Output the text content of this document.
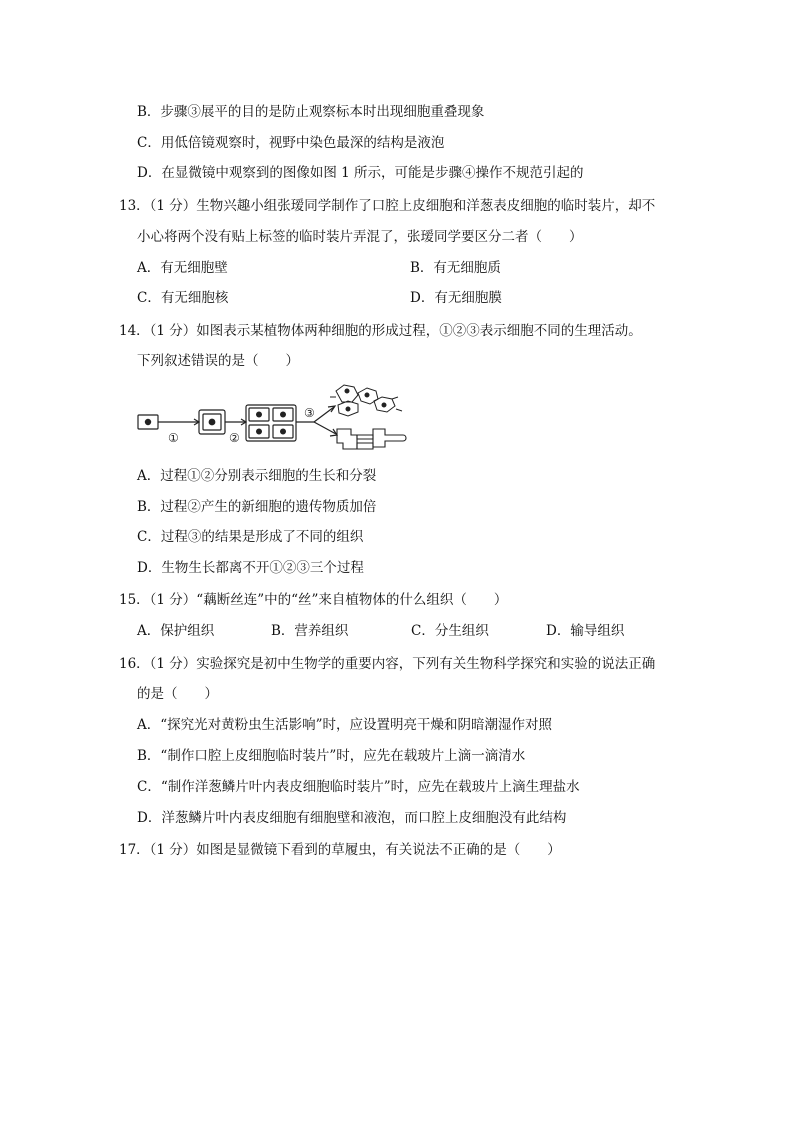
B．步骤③展平的目的是防止观察标本时出现细胞重叠现象
C．用低倍镜观察时，视野中染色最深的结构是液泡
D．在显微镜中观察到的图像如图 1 所示，可能是步骤④操作不规范引起的
13．（1 分）生物兴趣小组张瑷同学制作了口腔上皮细胞和洋葱表皮细胞的临时装片，却不
小心将两个没有贴上标签的临时装片弄混了，张瑷同学要区分二者（　　）
A．有无细胞壁	B．有无细胞质
C．有无细胞核	D．有无细胞膜
14．（1 分）如图表示某植物体两种细胞的形成过程，①②③表示细胞不同的生理活动。
下列叙述错误的是（　　）
①	②
③
A．过程①②分别表示细胞的生长和分裂
B．过程②产生的新细胞的遗传物质加倍
C．过程③的结果是形成了不同的组织
D．生物生长都离不开①②③三个过程
15．（1 分）“藕断丝连”中的“丝”来自植物体的什么组织（　　）
A．保护组织	B．营养组织	C．分生组织	D．输导组织
16．（1 分）实验探究是初中生物学的重要内容，下列有关生物科学探究和实验的说法正确
的是（　　）
A．“探究光对黄粉虫生活影响”时，应设置明亮干燥和阴暗潮湿作对照
B．“制作口腔上皮细胞临时装片”时，应先在载玻片上滴一滴清水
C．“制作洋葱鳞片叶内表皮细胞临时装片”时，应先在载玻片上滴生理盐水
D．洋葱鳞片叶内表皮细胞有细胞壁和液泡，而口腔上皮细胞没有此结构
17．（1 分）如图是显微镜下看到的草履虫，有关说法不正确的是（　　）
